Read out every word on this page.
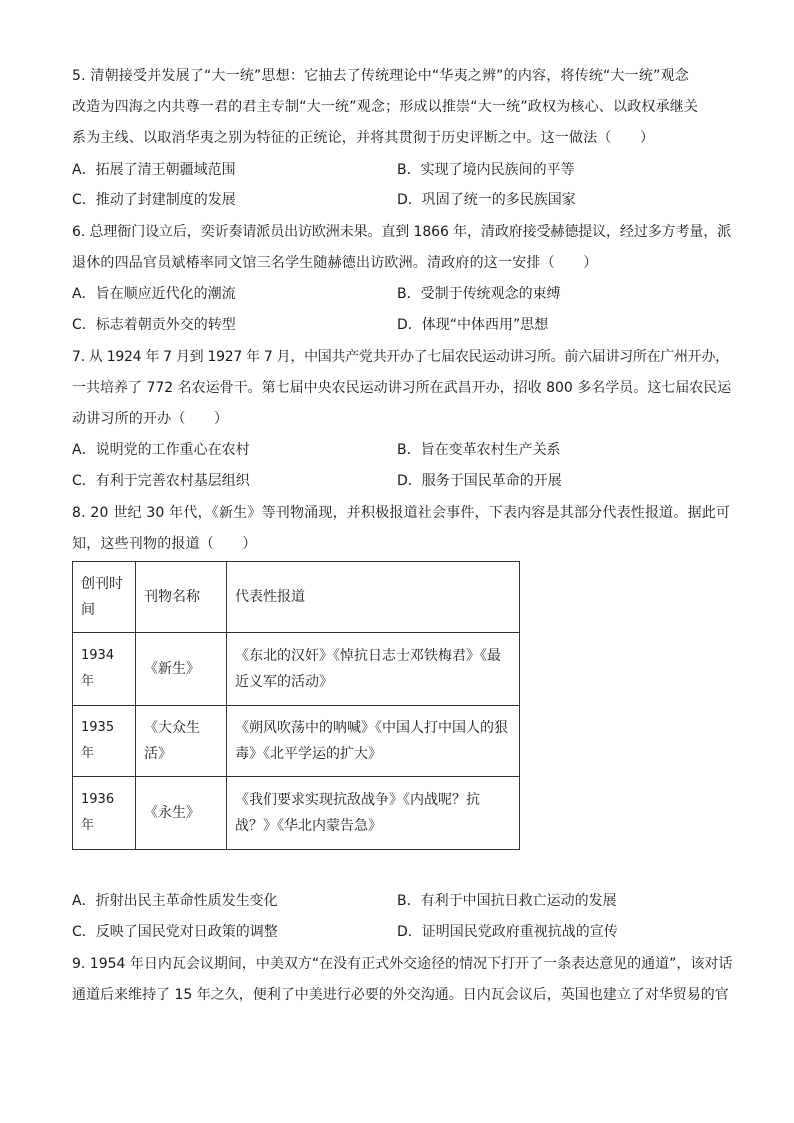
5. 清朝接受并发展了“大一统”思想：它抽去了传统理论中“华夷之辨”的内容，将传统“大一统”观念
改造为四海之内共尊一君的君主专制“大一统”观念；形成以推崇“大一统”政权为核心、以政权承继关
系为主线、以取消华夷之别为特征的正统论，并将其贯彻于历史评断之中。这一做法（　　）
A．拓展了清王朝疆域范围	B．实现了境内民族间的平等
C．推动了封建制度的发展	D．巩固了统一的多民族国家
6. 总理衙门设立后，奕䜣奏请派员出访欧洲未果。直到 1866 年，清政府接受赫德提议，经过多方考量，派
退休的四品官员斌椿率同文馆三名学生随赫德出访欧洲。清政府的这一安排（　　）
A．旨在顺应近代化的潮流	B．受制于传统观念的束缚
C．标志着朝贡外交的转型	D．体现“中体西用”思想
7. 从 1924 年 7 月到 1927 年 7 月，中国共产党共开办了七届农民运动讲习所。前六届讲习所在广州开办，
一共培养了 772 名农运骨干。第七届中央农民运动讲习所在武昌开办，招收 800 多名学员。这七届农民运
动讲习所的开办（　　）
A．说明党的工作重心在农村	B．旨在变革农村生产关系
C．有利于完善农村基层组织	D．服务于国民革命的开展
8. 20 世纪 30 年代，《新生》等刊物涌现，并积极报道社会事件，下表内容是其部分代表性报道。据此可
知，这些刊物的报道（　　）
创刊时间	刊物名称	代表性报道
1934年	《新生》	《东北的汉奸》《悼抗日志士邓铁梅君》《最近义军的活动》
1935年	《大众生活》	《朔风吹荡中的呐喊》《中国人打中国人的狠毒》《北平学运的扩大》
1936年	《永生》	《我们要求实现抗敌战争》《内战呢？抗战？》《华北内蒙告急》
A．折射出民主革命性质发生变化	B．有利于中国抗日救亡运动的发展
C．反映了国民党对日政策的调整	D．证明国民党政府重视抗战的宣传
9. 1954 年日内瓦会议期间，中美双方“在没有正式外交途径的情况下打开了一条表达意见的通道”，该对话
通道后来维持了 15 年之久，便利了中美进行必要的外交沟通。日内瓦会议后，英国也建立了对华贸易的官
